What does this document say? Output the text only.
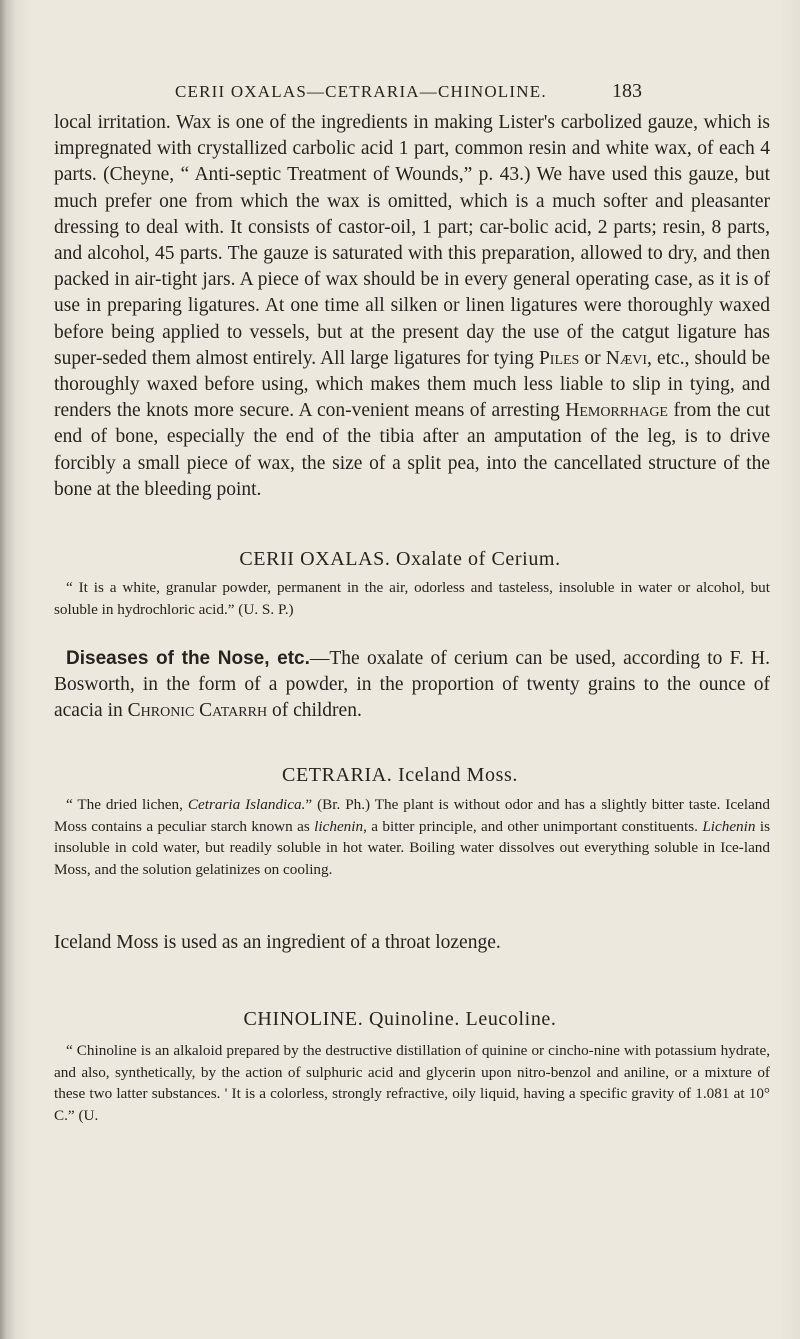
CERII OXALAS—CETRARIA—CHINOLINE.	183

local irritation. Wax is one of the ingredients in making Lister's carbolized gauze, which is impregnated with crystallized carbolic acid 1 part, common resin and white wax, of each 4 parts. (Cheyne, “ Anti-septic Treatment of Wounds,” p. 43.) We have used this gauze, but much prefer one from which the wax is omitted, which is a much softer and pleasanter dressing to deal with. It consists of castor-oil, 1 part; car-bolic acid, 2 parts; resin, 8 parts, and alcohol, 45 parts. The gauze is saturated with this preparation, allowed to dry, and then packed in air-tight jars. A piece of wax should be in every general operating case, as it is of use in preparing ligatures. At one time all silken or linen ligatures were thoroughly waxed before being applied to vessels, but at the present day the use of the catgut ligature has super-seded them almost entirely. All large ligatures for tying Piles or Nævi, etc., should be thoroughly waxed before using, which makes them much less liable to slip in tying, and renders the knots more secure. A con-venient means of arresting Hemorrhage from the cut end of bone, especially the end of the tibia after an amputation of the leg, is to drive forcibly a small piece of wax, the size of a split pea, into the cancellated structure of the bone at the bleeding point.

CERII OXALAS. Oxalate of Cerium.

“ It is a white, granular powder, permanent in the air, odorless and tasteless, insoluble in water or alcohol, but soluble in hydrochloric acid.” (U. S. P.)

Diseases of the Nose, etc.—The oxalate of cerium can be used, according to F. H. Bosworth, in the form of a powder, in the proportion of twenty grains to the ounce of acacia in Chronic Catarrh of children.

CETRARIA. Iceland Moss.

“ The dried lichen, Cetraria Islandica.” (Br. Ph.) The plant is without odor and has a slightly bitter taste. Iceland Moss contains a peculiar starch known as lichenin, a bitter principle, and other unimportant constituents. Lichenin is insoluble in cold water, but readily soluble in hot water. Boiling water dissolves out everything soluble in Ice-land Moss, and the solution gelatinizes on cooling.

Iceland Moss is used as an ingredient of a throat lozenge.

CHINOLINE. Quinoline. Leucoline.

“ Chinoline is an alkaloid prepared by the destructive distillation of quinine or cincho-nine with potassium hydrate, and also, synthetically, by the action of sulphuric acid and glycerin upon nitro-benzol and aniline, or a mixture of these two latter substances. ' It is a colorless, strongly refractive, oily liquid, having a specific gravity of 1.081 at 10° C.” (U.
